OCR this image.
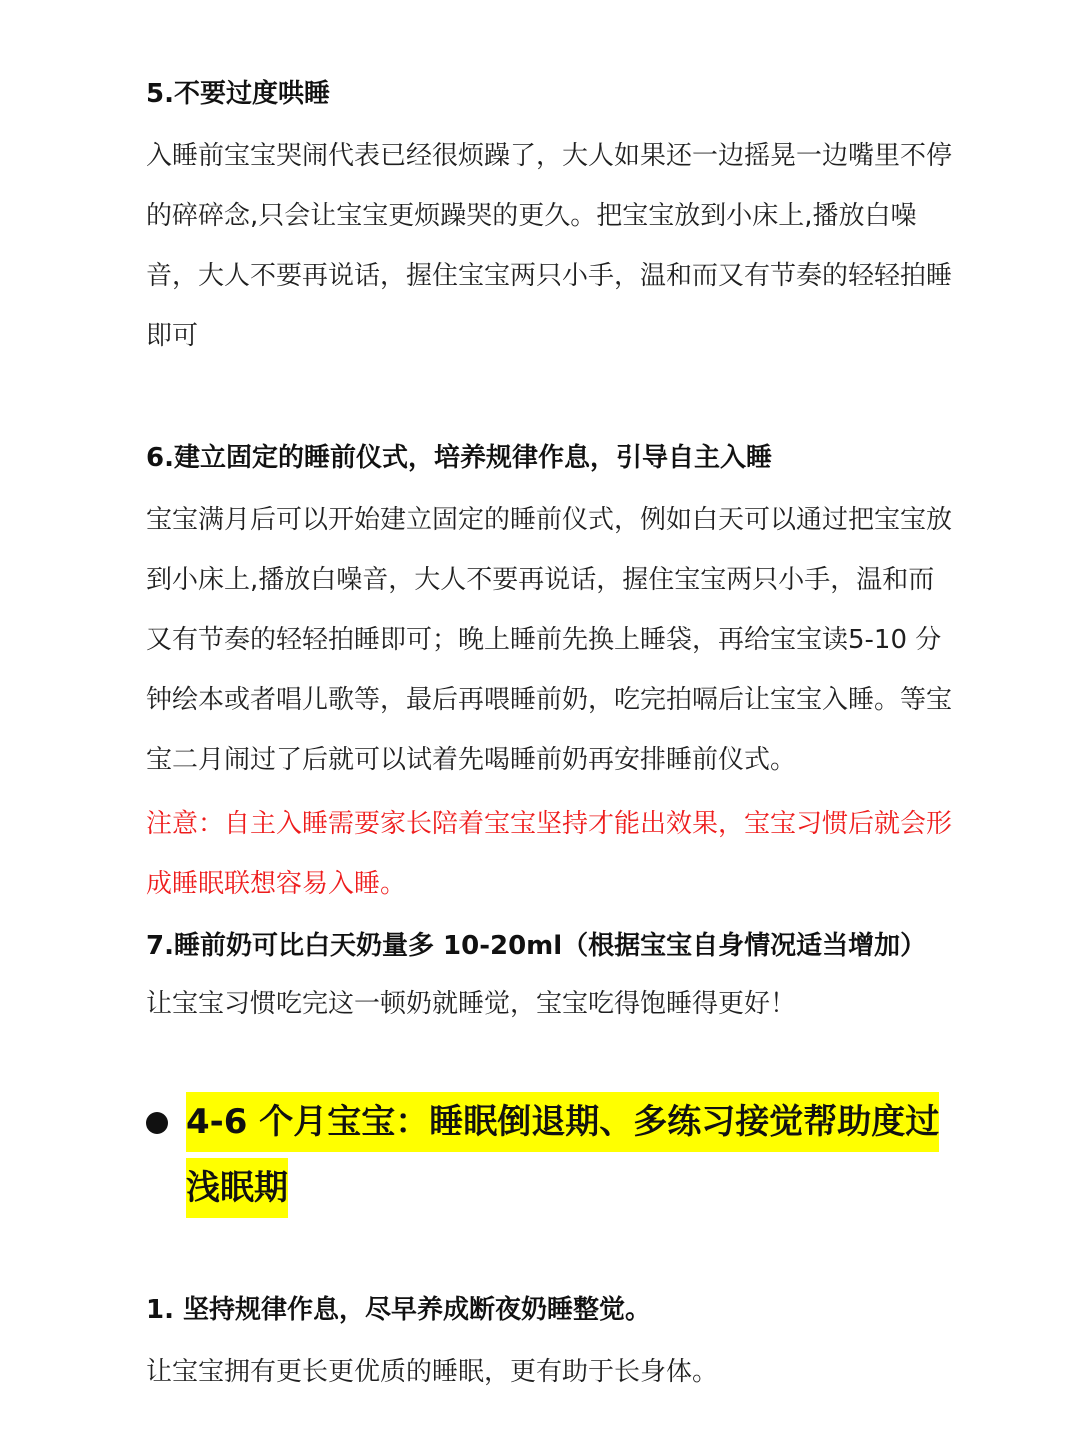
5.不要过度哄睡

入睡前宝宝哭闹代表已经很烦躁了，大人如果还一边摇晃一边嘴里不停的碎碎念,只会让宝宝更烦躁哭的更久。把宝宝放到小床上,播放白噪音，大人不要再说话，握住宝宝两只小手，温和而又有节奏的轻轻拍睡即可

6.建立固定的睡前仪式，培养规律作息，引导自主入睡

宝宝满月后可以开始建立固定的睡前仪式，例如白天可以通过把宝宝放到小床上,播放白噪音，大人不要再说话，握住宝宝两只小手，温和而又有节奏的轻轻拍睡即可；晚上睡前先换上睡袋，再给宝宝读5-10 分钟绘本或者唱儿歌等，最后再喂睡前奶，吃完拍嗝后让宝宝入睡。等宝宝二月闹过了后就可以试着先喝睡前奶再安排睡前仪式。

注意：自主入睡需要家长陪着宝宝坚持才能出效果，宝宝习惯后就会形成睡眠联想容易入睡。

7.睡前奶可比白天奶量多 10-20ml（根据宝宝自身情况适当增加）

让宝宝习惯吃完这一顿奶就睡觉，宝宝吃得饱睡得更好！

4-6 个月宝宝：睡眠倒退期、多练习接觉帮助度过
浅眠期
1. 坚持规律作息，尽早养成断夜奶睡整觉。

让宝宝拥有更长更优质的睡眠，更有助于长身体。
